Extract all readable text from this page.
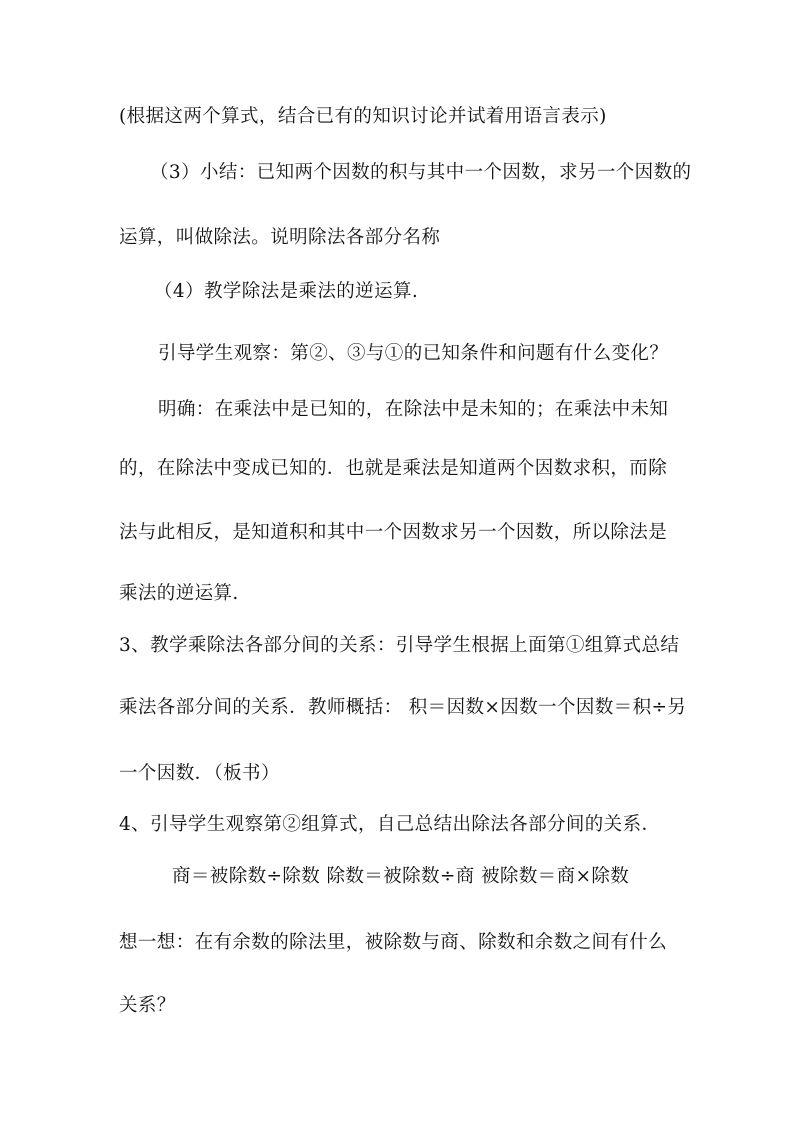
(根据这两个算式，结合已有的知识讨论并试着用语言表示)

（3）小结：已知两个因数的积与其中一个因数，求另一个因数的

运算，叫做除法。说明除法各部分名称

（4）教学除法是乘法的逆运算.

引导学生观察：第②、③与①的已知条件和问题有什么变化？

明确：在乘法中是已知的，在除法中是未知的；在乘法中未知

的，在除法中变成已知的．也就是乘法是知道两个因数求积，而除

法与此相反，是知道积和其中一个因数求另一个因数，所以除法是

乘法的逆运算.

3、教学乘除法各部分间的关系：引导学生根据上面第①组算式总结

乘法各部分间的关系．教师概括： 积＝因数×因数一个因数＝积÷另

一个因数．（板书）

4、引导学生观察第②组算式，自己总结出除法各部分间的关系．

商＝被除数÷除数 除数＝被除数÷商 被除数＝商×除数

想一想：在有余数的除法里，被除数与商、除数和余数之间有什么

关系？
